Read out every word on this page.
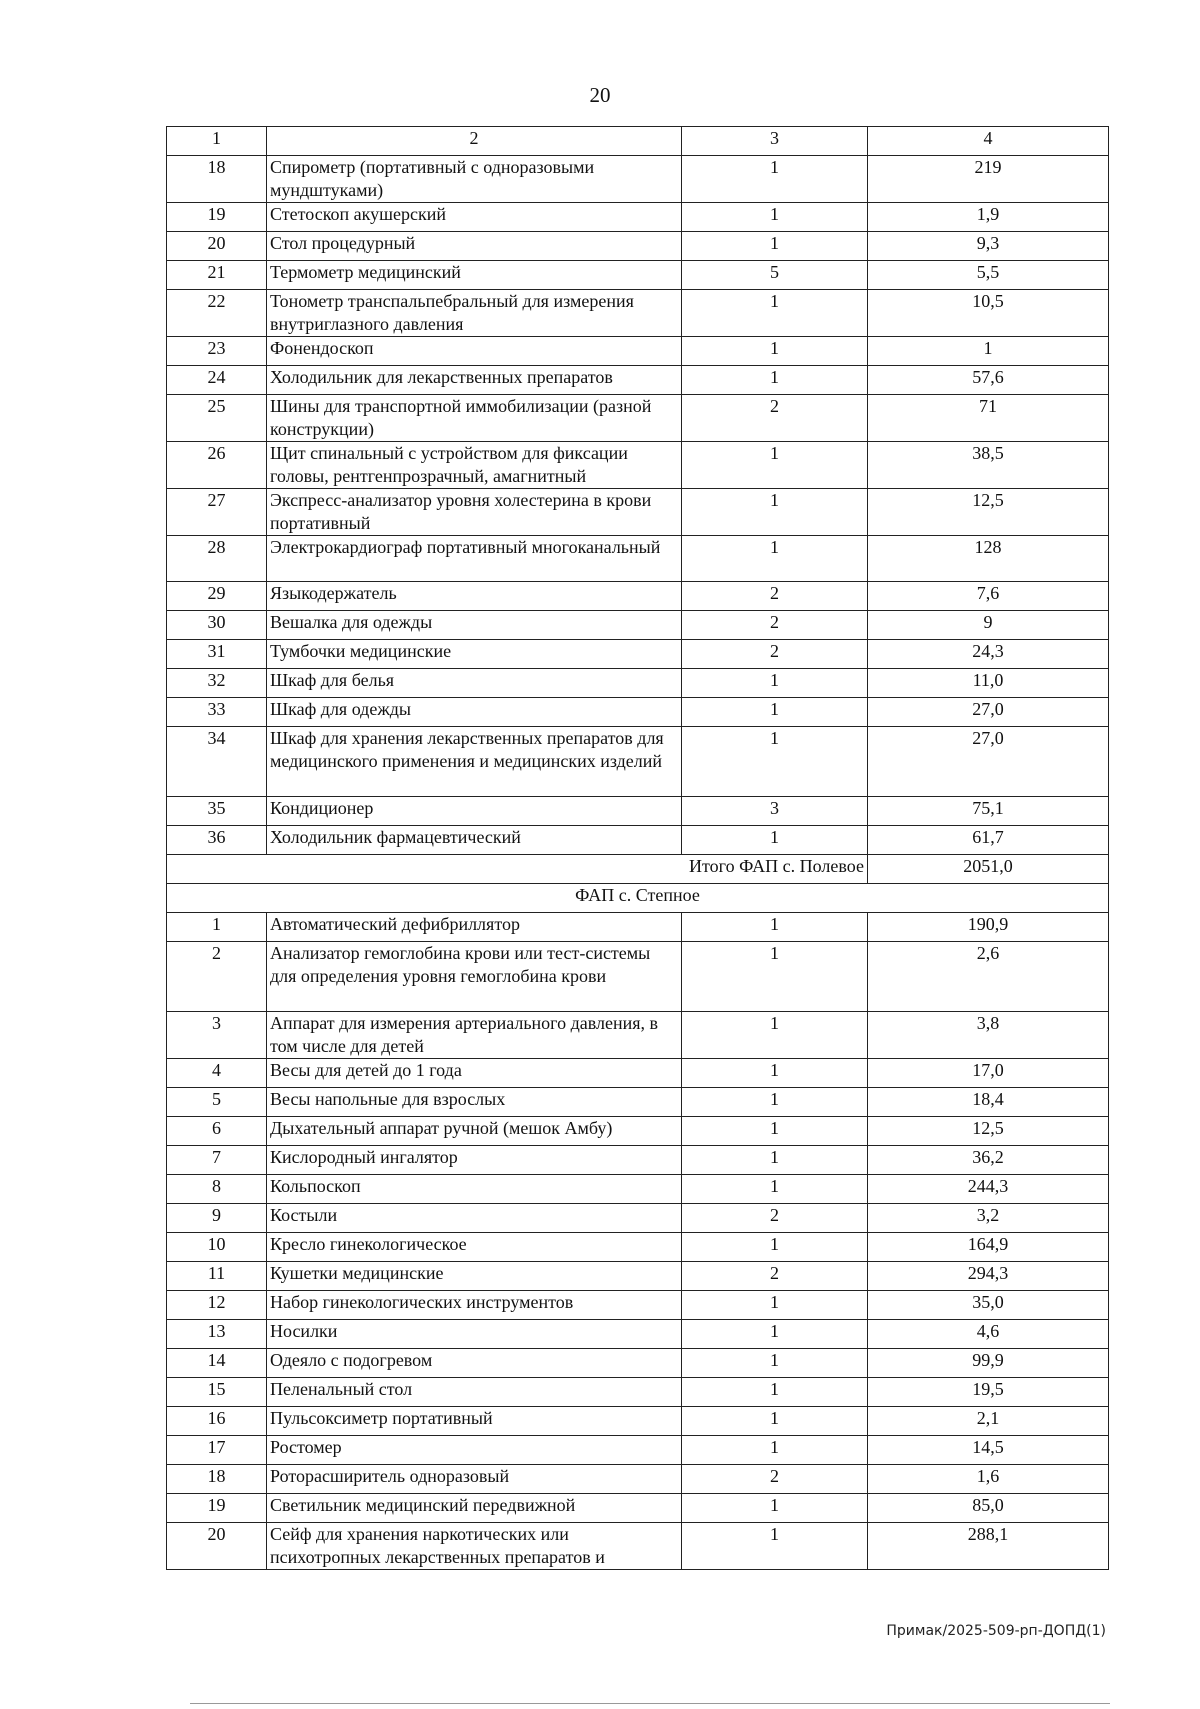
20
1	2	3	4
18	Спирометр (портативный с одноразовыми мундштуками)	1	219
19	Стетоскоп акушерский	1	1,9
20	Стол процедурный	1	9,3
21	Термометр медицинский	5	5,5
22	Тонометр транспальпебральный для измерения внутриглазного давления	1	10,5
23	Фонендоскоп	1	1
24	Холодильник для лекарственных препаратов	1	57,6
25	Шины для транспортной иммобилизации (разной конструкции)	2	71
26	Щит спинальный с устройством для фиксации головы, рентгенпрозрачный, амагнитный	1	38,5
27	Экспресс-анализатор уровня холестерина в крови портативный	1	12,5
28	Электрокардиограф портативный многоканальный	1	128
29	Языкодержатель	2	7,6
30	Вешалка для одежды	2	9
31	Тумбочки медицинские	2	24,3
32	Шкаф для белья	1	11,0
33	Шкаф для одежды	1	27,0
34	Шкаф для хранения лекарственных препаратов для медицинского применения и медицинских изделий	1	27,0
35	Кондиционер	3	75,1
36	Холодильник фармацевтический	1	61,7
Итого ФАП с. Полевое			2051,0
ФАП с. Степное			
1	Автоматический дефибриллятор	1	190,9
2	Анализатор гемоглобина крови или тест-системы для определения уровня гемоглобина крови	1	2,6
3	Аппарат для измерения артериального давления, в том числе для детей	1	3,8
4	Весы для детей до 1 года	1	17,0
5	Весы напольные для взрослых	1	18,4
6	Дыхательный аппарат ручной (мешок Амбу)	1	12,5
7	Кислородный ингалятор	1	36,2
8	Кольпоскоп	1	244,3
9	Костыли	2	3,2
10	Кресло гинекологическое	1	164,9
11	Кушетки медицинские	2	294,3
12	Набор гинекологических инструментов	1	35,0
13	Носилки	1	4,6
14	Одеяло с подогревом	1	99,9
15	Пеленальный стол	1	19,5
16	Пульсоксиметр портативный	1	2,1
17	Ростомер	1	14,5
18	Роторасширитель одноразовый	2	1,6
19	Светильник медицинский передвижной	1	85,0
20	Сейф для хранения наркотических или психотропных лекарственных препаратов и	1	288,1
Примак/2025-509-рп-ДОПД(1)
